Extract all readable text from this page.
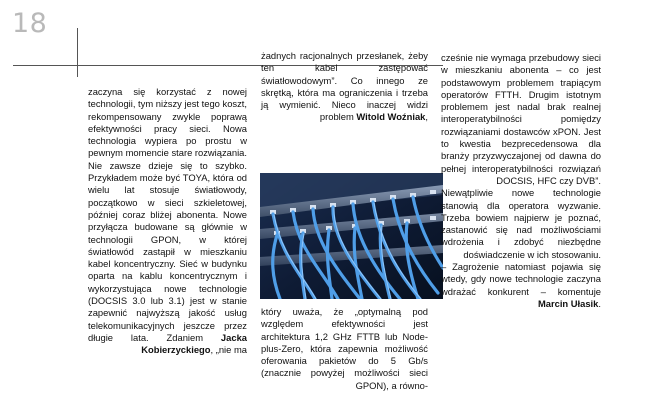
18

zaczyna się korzystać z nowej technologii, tym niższy jest tego koszt, rekompensowany zwykle poprawą efektywności pracy sieci. Nowa technologia wypiera po prostu w pewnym momencie stare rozwiązania.

Nie zawsze dzieje się to szybko. Przykładem może być TOYA, która od wielu lat stosuje światłowody, początkowo w sieci szkieletowej, później coraz bliżej abonenta. Nowe przyłącza budowane są głównie w technologii GPON, w której światłowód zastąpił w mieszkaniu kabel koncentryczny. Sieć w budynku oparta na kablu koncentrycznym i wykorzystująca nowe technologie (DOCSIS 3.0 lub 3.1) jest w stanie zapewnić najwyższą jakość usług telekomunikacyjnych jeszcze przez długie lata. Zdaniem Jacka Kobierzyckiego, „nie ma

żadnych racjonalnych przesłanek, żeby ten kabel zastępować światłowodowym”. Co innego ze skrętką, która ma ograniczenia i trzeba ją wymienić. Nieco inaczej widzi problem Witold Woźniak,

który uważa, że „optymalną pod względem efektywności jest architektura 1,2 GHz FTTB lub Node-plus-Zero, która zapewnia możliwość oferowania pakietów do 5 Gb/s (znacznie powyżej możliwości sieci GPON), a równo-

cześnie nie wymaga przebudowy sieci w mieszkaniu abonenta – co jest podstawowym problemem trapiącym operatorów FTTH. Drugim istotnym problemem jest nadal brak realnej interoperatybilności pomiędzy rozwiązaniami dostawców xPON. Jest to kwestia bezprecedensowa dla branży przyzwyczajonej od dawna do pełnej interoperatybilności rozwiązań DOCSIS, HFC czy DVB”.

Niewątpliwie nowe technologie stanowią dla operatora wyzwanie. Trzeba bowiem najpierw je poznać, zastanowić się nad możliwościami wdrożenia i zdobyć niezbędne doświadczenie w ich stosowaniu.

– Zagrożenie natomiast pojawia się wtedy, gdy nowe technologie zaczyna wdrażać konkurent – komentuje Marcin Ułasik.
